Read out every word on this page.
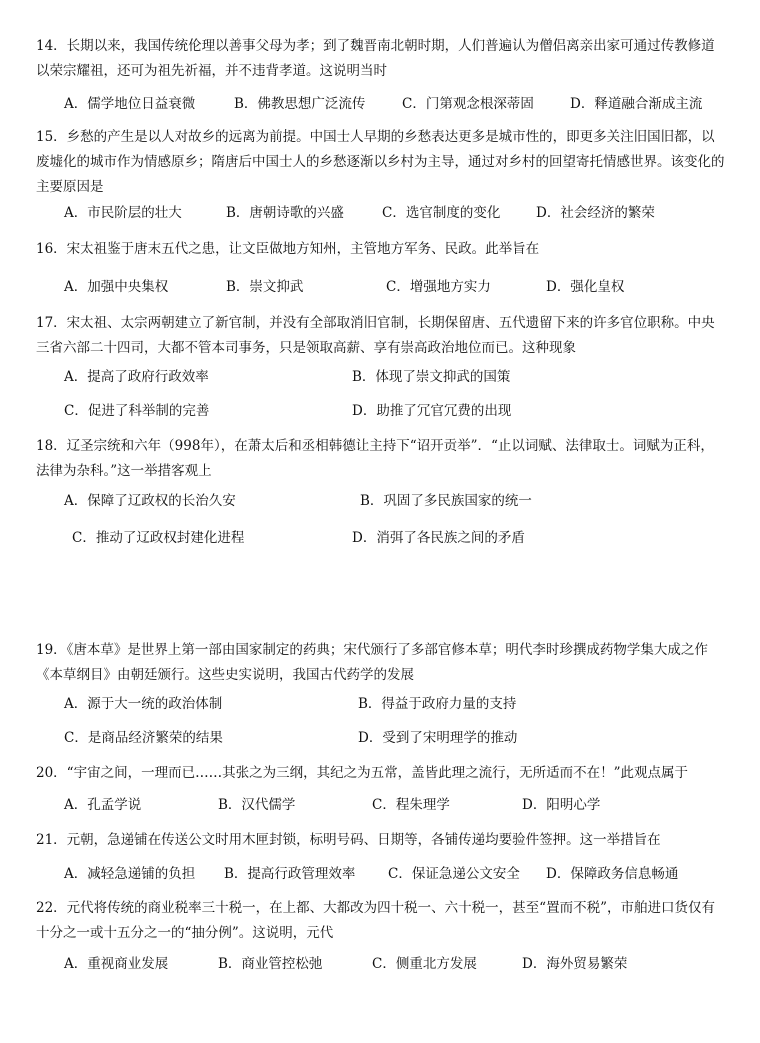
14．长期以来，我国传统伦理以善事父母为孝；到了魏晋南北朝时期，人们普遍认为僧侣离亲出家可通过传教修道以荣宗耀祖，还可为祖先祈福，并不违背孝道。这说明当时
A．儒学地位日益衰微	B．佛教思想广泛流传	C．门第观念根深蒂固	D．释道融合渐成主流
15．乡愁的产生是以人对故乡的远离为前提。中国士人早期的乡愁表达更多是城市性的，即更多关注旧国旧都，以废墟化的城市作为情感原乡；隋唐后中国士人的乡愁逐渐以乡村为主导，通过对乡村的回望寄托情感世界。该变化的主要原因是
A．市民阶层的壮大	B．唐朝诗歌的兴盛	C．选官制度的变化	D．社会经济的繁荣
16．宋太祖鉴于唐末五代之患，让文臣做地方知州，主管地方军务、民政。此举旨在
A．加强中央集权	B．崇文抑武	C．增强地方实力	D．强化皇权
17．宋太祖、太宗两朝建立了新官制，并没有全部取消旧官制，长期保留唐、五代遗留下来的许多官位职称。中央三省六部二十四司，大都不管本司事务，只是领取高薪、享有崇高政治地位而已。这种现象
A．提高了政府行政效率	B．体现了崇文抑武的国策
C．促进了科举制的完善	D．助推了冗官冗费的出现
18．辽圣宗统和六年（998年），在萧太后和丞相韩德让主持下“诏开贡举”．“止以词赋、法律取士。词赋为正科，法律为杂科。”这一举措客观上
A．保障了辽政权的长治久安	B．巩固了多民族国家的统一
C．推动了辽政权封建化进程	D．消弭了各民族之间的矛盾
19．《唐本草》是世界上第一部由国家制定的药典；宋代颁行了多部官修本草；明代李时珍撰成药物学集大成之作《本草纲目》由朝廷颁行。这些史实说明，我国古代药学的发展
A．源于大一统的政治体制	B．得益于政府力量的支持
C．是商品经济繁荣的结果	D．受到了宋明理学的推动
20．“宇宙之间，一理而已……其张之为三纲，其纪之为五常，盖皆此理之流行，无所适而不在！”此观点属于
A．孔孟学说	B．汉代儒学	C．程朱理学	D．阳明心学
21．元朝，急递铺在传送公文时用木匣封锁，标明号码、日期等，各铺传递均要验件签押。这一举措旨在
A．减轻急递铺的负担 B．提高行政管理效率 C．保证急递公文安全 D．保障政务信息畅通
22．元代将传统的商业税率三十税一，在上都、大都改为四十税一、六十税一，甚至“置而不税”，市舶进口货仅有十分之一或十五分之一的“抽分例”。这说明，元代
A．重视商业发展	B．商业管控松弛	C．侧重北方发展	D．海外贸易繁荣
